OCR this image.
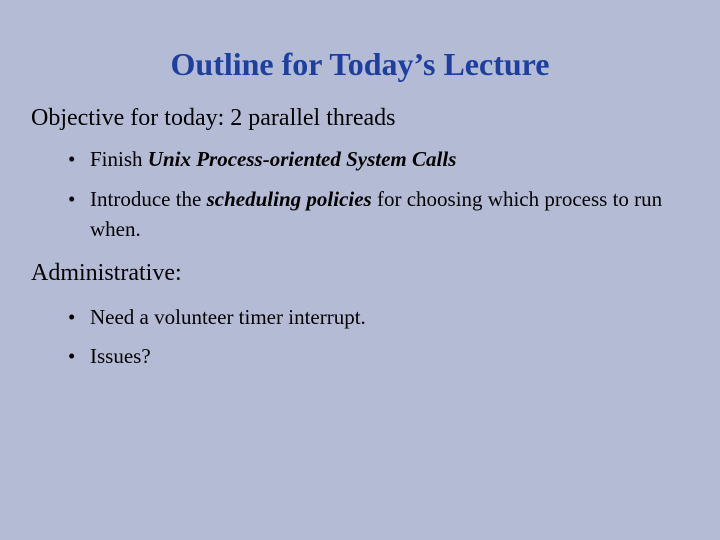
Outline for Today’s Lecture
Objective for today: 2 parallel threads
• Finish Unix Process-oriented System Calls
• Introduce the scheduling policies for choosing which process to run when.
Administrative:
• Need a volunteer timer interrupt.
• Issues?
